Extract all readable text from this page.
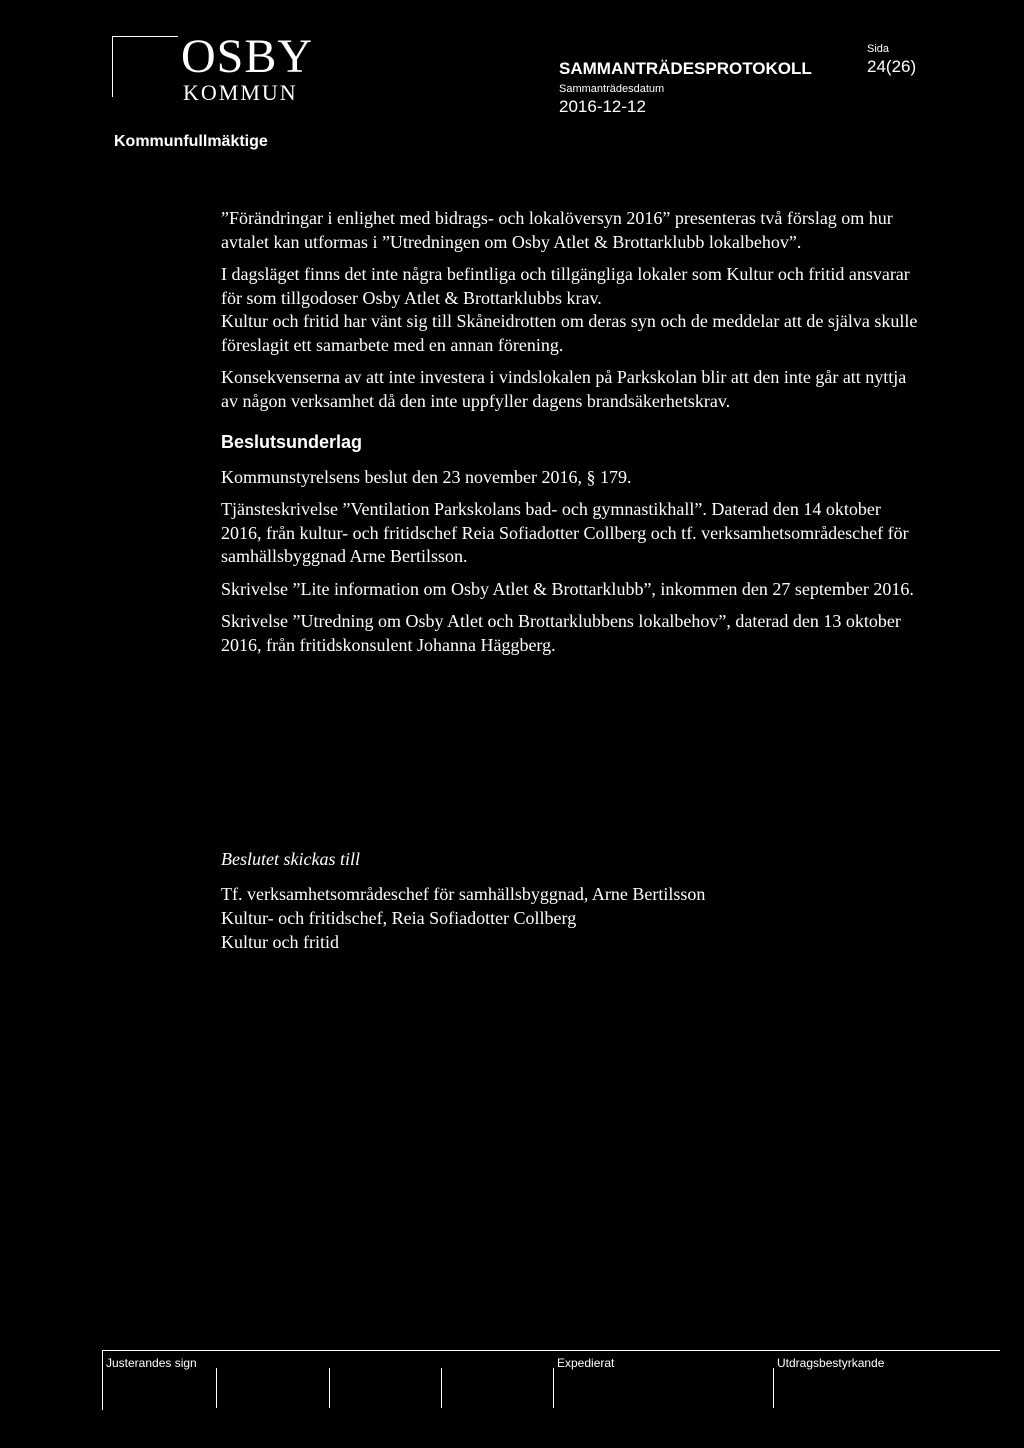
OSBY
KOMMUN
Kommunfullmäktige
SAMMANTRÄDESPROTOKOLL
Sammanträdesdatum
2016-12-12
Sida
24(26)

”Förändringar i enlighet med bidrags- och lokalöversyn 2016” presenteras två förslag om hur avtalet kan utformas i ”Utredningen om Osby Atlet & Brottarklubb lokalbehov”.

I dagsläget finns det inte några befintliga och tillgängliga lokaler som Kultur och fritid ansvarar för som tillgodoser Osby Atlet & Brottarklubbs krav.

Kultur och fritid har vänt sig till Skåneidrotten om deras syn och de meddelar att de själva skulle föreslagit ett samarbete med en annan förening.

Konsekvenserna av att inte investera i vindslokalen på Parkskolan blir att den inte går att nyttja av någon verksamhet då den inte uppfyller dagens brandsäkerhetskrav.

Beslutsunderlag

Kommunstyrelsens beslut den 23 november 2016, § 179.

Tjänsteskrivelse ”Ventilation Parkskolans bad- och gymnastikhall”. Daterad den 14 oktober 2016, från kultur- och fritidschef Reia Sofiadotter Collberg och tf. verksamhetsområdeschef för samhällsbyggnad Arne Bertilsson.

Skrivelse ”Lite information om Osby Atlet & Brottarklubb”, inkommen den 27 september 2016.

Skrivelse ”Utredning om Osby Atlet och Brottarklubbens lokalbehov”, daterad den 13 oktober 2016, från fritidskonsulent Johanna Häggberg.

Beslutet skickas till
Tf. verksamhetsområdeschef för samhällsbyggnad, Arne Bertilsson
Kultur- och fritidschef, Reia Sofiadotter Collberg
Kultur och fritid
Justerandes sign	Expedierat	Utdragsbestyrkande
